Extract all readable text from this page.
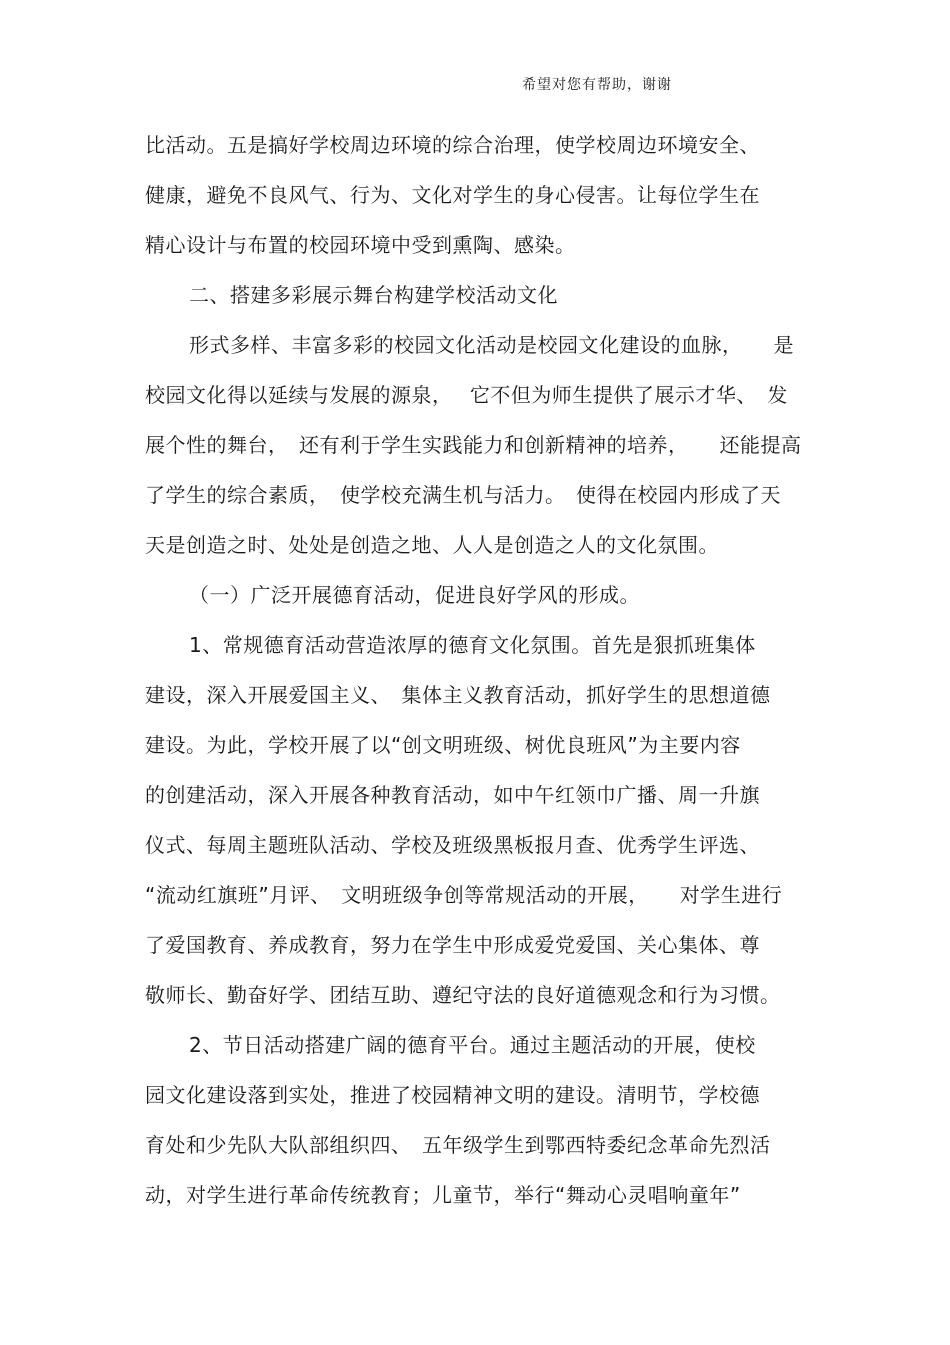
希望对您有帮助，谢谢
比活动。五是搞好学校周边环境的综合治理，使学校周边环境安全、
健康，避免不良风气、行为、文化对学生的身心侵害。让每位学生在
精心设计与布置的校园环境中受到熏陶、感染。
二、搭建多彩展示舞台构建学校活动文化
形式多样、丰富多彩的校园文化活动是校园文化建设的血脉，　　是
校园文化得以延续与发展的源泉，　 它不但为师生提供了展示才华、　发
展个性的舞台，　还有利于学生实践能力和创新精神的培养，　　还能提高
了学生的综合素质，　使学校充满生机与活力。　使得在校园内形成了天
天是创造之时、处处是创造之地、人人是创造之人的文化氛围。
（一）广泛开展德育活动，促进良好学风的形成。
1、常规德育活动营造浓厚的德育文化氛围。首先是狠抓班集体
建设，深入开展爱国主义、　集体主义教育活动，抓好学生的思想道德
建设。为此，学校开展了以“创文明班级、树优良班风”为主要内容
的创建活动，深入开展各种教育活动，如中午红领巾广播、周一升旗
仪式、每周主题班队活动、学校及班级黑板报月查、优秀学生评选、
“流动红旗班”月评、　文明班级争创等常规活动的开展，　　对学生进行
了爱国教育、养成教育，努力在学生中形成爱党爱国、关心集体、尊
敬师长、勤奋好学、团结互助、遵纪守法的良好道德观念和行为习惯。
2、节日活动搭建广阔的德育平台。通过主题活动的开展，使校
园文化建设落到实处，推进了校园精神文明的建设。清明节，学校德
育处和少先队大队部组织四、　五年级学生到鄂西特委纪念革命先烈活
动，对学生进行革命传统教育；儿童节，举行“舞动心灵唱响童年”
